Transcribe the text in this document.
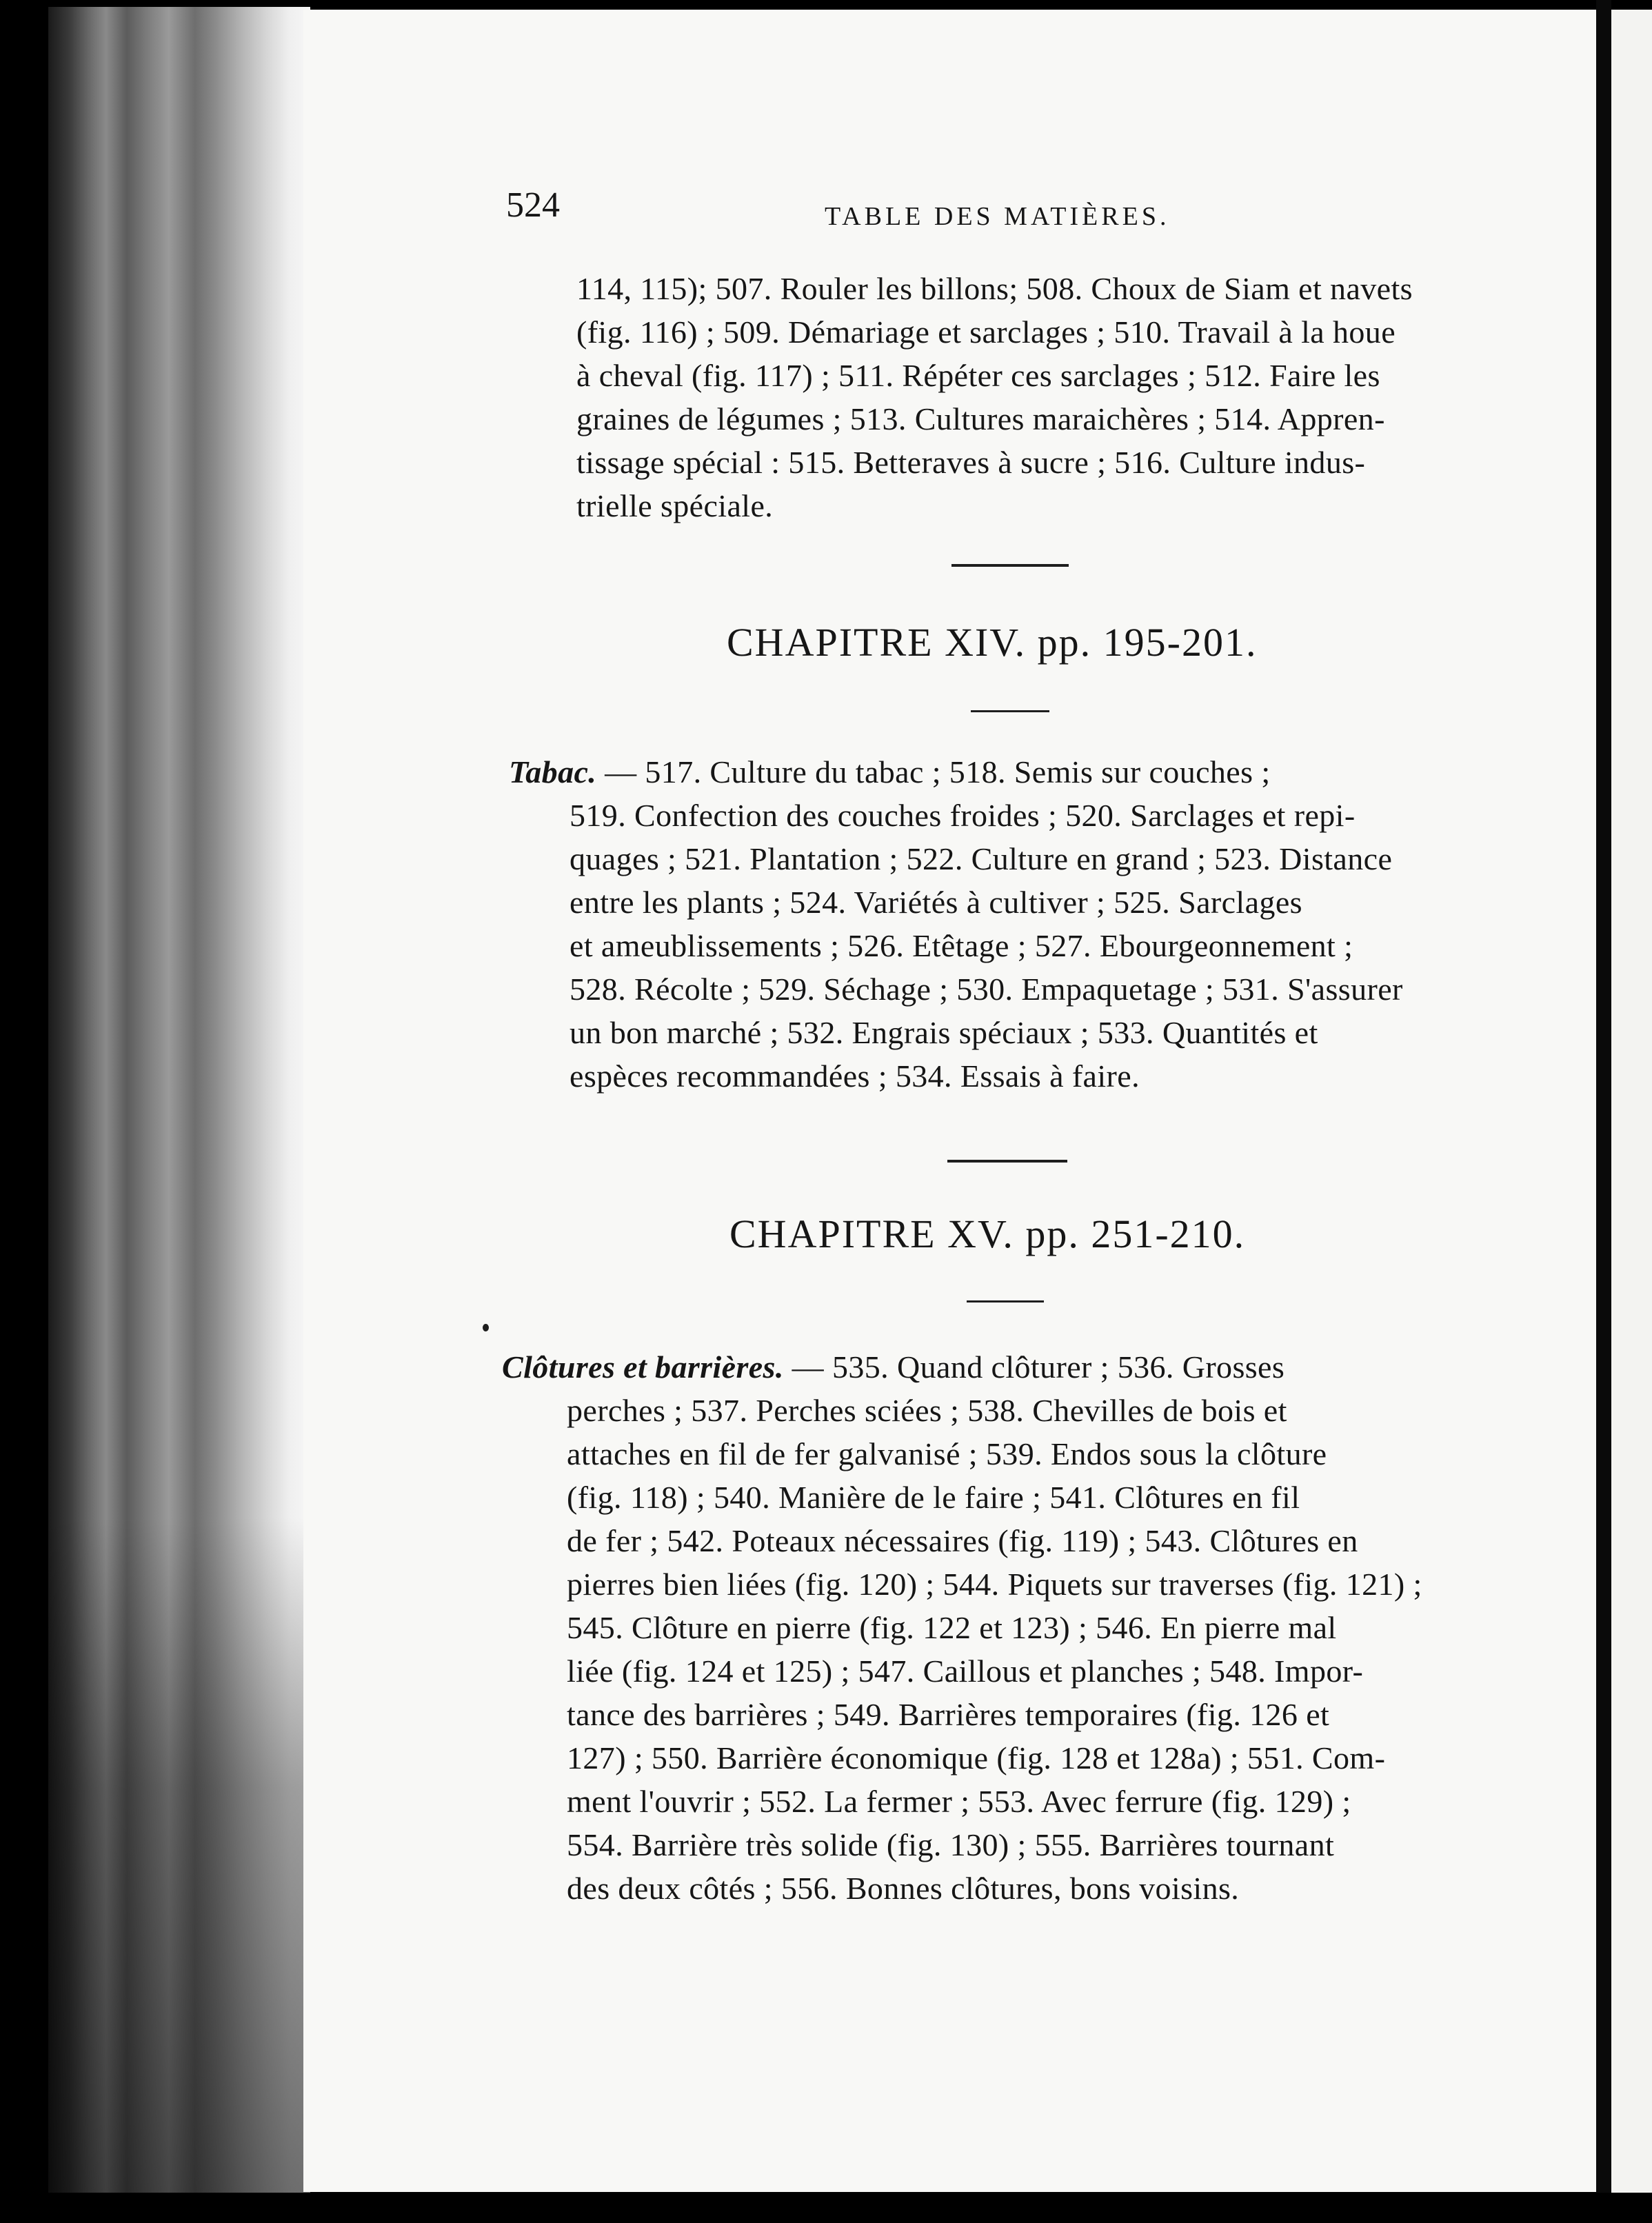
524	TABLE DES MATIÈRES.
114, 115); 507. Rouler les billons; 508. Choux de Siam et navets
(fig. 116) ; 509. Démariage et sarclages ; 510. Travail à la houe
à cheval (fig. 117) ; 511. Répéter ces sarclages ; 512. Faire les
graines de légumes ; 513. Cultures maraichères ; 514. Appren-
tissage spécial : 515. Betteraves à sucre ; 516. Culture indus-
trielle spéciale.
CHAPITRE XIV. pp. 195-201.
Tabac. — 517. Culture du tabac ; 518. Semis sur couches ;
519. Confection des couches froides ; 520. Sarclages et repi-
quages ; 521. Plantation ; 522. Culture en grand ; 523. Distance
entre les plants ; 524. Variétés à cultiver ; 525. Sarclages
et ameublissements ; 526. Etêtage ; 527. Ebourgeonnement ;
528. Récolte ; 529. Séchage ; 530. Empaquetage ; 531. S'assurer
un bon marché ; 532. Engrais spéciaux ; 533. Quantités et
espèces recommandées ; 534. Essais à faire.
CHAPITRE XV. pp. 251-210.
Clôtures et barrières. — 535. Quand clôturer ; 536. Grosses
perches ; 537. Perches sciées ; 538. Chevilles de bois et
attaches en fil de fer galvanisé ; 539. Endos sous la clôture
(fig. 118) ; 540. Manière de le faire ; 541. Clôtures en fil
de fer ; 542. Poteaux nécessaires (fig. 119) ; 543. Clôtures en
pierres bien liées (fig. 120) ; 544. Piquets sur traverses (fig. 121) ;
545. Clôture en pierre (fig. 122 et 123) ; 546. En pierre mal
liée (fig. 124 et 125) ; 547. Caillous et planches ; 548. Impor-
tance des barrières ; 549. Barrières temporaires (fig. 126 et
127) ; 550. Barrière économique (fig. 128 et 128a) ; 551. Com-
ment l'ouvrir ; 552. La fermer ; 553. Avec ferrure (fig. 129) ;
554. Barrière très solide (fig. 130) ; 555. Barrières tournant
des deux côtés ; 556. Bonnes clôtures, bons voisins.
